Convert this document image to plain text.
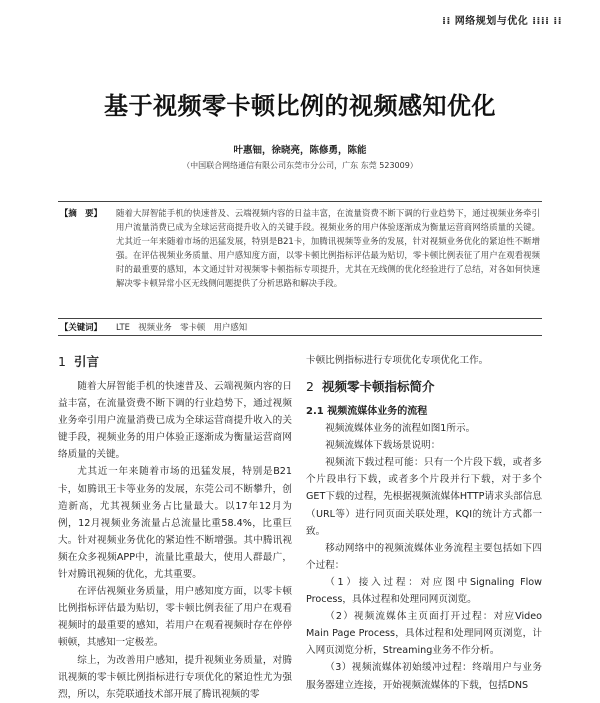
⁞⁞ 网络规划与优化 ⁞⁞⁞⁞ ⁞⁞
基于视频零卡顿比例的视频感知优化
叶惠钿，徐晓亮，陈修勇，陈能
（中国联合网络通信有限公司东莞市分公司，广东 东莞 523009）
【摘　要】	随着大屏智能手机的快速普及、云端视频内容的日益丰富，在流量资费不断下调的行业趋势下，通过视频业务牵引用户流量消费已成为全球运营商提升收入的关键手段。视频业务的用户体验逐渐成为衡量运营商网络质量的关键。尤其近一年来随着市场的迅猛发展，特别是B21卡，加腾讯视频等业务的发展，针对视频业务优化的紧迫性不断增强。在评估视频业务质量、用户感知度方面，以零卡顿比例指标评估最为贴切，零卡顿比例表征了用户在观看视频时的最重要的感知，本文通过针对视频零卡顿指标专项提升，尤其在无线侧的优化经验进行了总结，对各如何快速解决零卡顿异常小区无线侧问题提供了分析思路和解决手段。
【关键词】	LTE　视频业务　零卡顿　用户感知
1 引言

随着大屏智能手机的快速普及、云端视频内容的日益丰富，在流量资费不断下调的行业趋势下，通过视频业务牵引用户流量消费已成为全球运营商提升收入的关键手段，视频业务的用户体验正逐渐成为衡量运营商网络质量的关键。

尤其近一年来随着市场的迅猛发展，特别是B21卡，如腾讯王卡等业务的发展，东莞公司不断攀升，创造新高，尤其视频业务占比量最大。以17年12月为例，12月视频业务流量占总流量比重58.4%，比重巨大。针对视频业务优化的紧迫性不断增强。其中腾讯视频在众多视频APP中，流量比重最大，使用人群最广，针对腾讯视频的优化，尤其重要。

在评估视频业务质量，用户感知度方面，以零卡顿比例指标评估最为贴切，零卡顿比例表征了用户在观看视频时的最重要的感知，若用户在观看视频时存在停停顿顿，其感知一定极差。

综上，为改善用户感知，提升视频业务质量，对腾讯视频的零卡顿比例指标进行专项优化的紧迫性尤为强烈，所以，东莞联通技术部开展了腾讯视频的零

卡顿比例指标进行专项优化专项优化工作。

2 视频零卡顿指标简介
2.1 视频流媒体业务的流程

视频流媒体业务的流程如图1所示。

视频流媒体下载场景说明：

视频流下载过程可能：只有一个片段下载，或者多个片段串行下载，或者多个片段并行下载，对于多个GET下载的过程，先根据视频流媒体HTTP请求头部信息（URL等）进行同页面关联处理，KQI的统计方式都一致。

移动网络中的视频流媒体业务流程主要包括如下四个过程：

（1）接入过程：对应图中Signaling Flow Process，具体过程和处理同网页浏览。

（2）视频流媒体主页面打开过程：对应Video Main Page Process，具体过程和处理同网页浏览，计入网页浏览分析，Streaming业务不作分析。

（3）视频流媒体初始缓冲过程：终端用户与业务服务器建立连接，开始视频流媒体的下载，包括DNS
